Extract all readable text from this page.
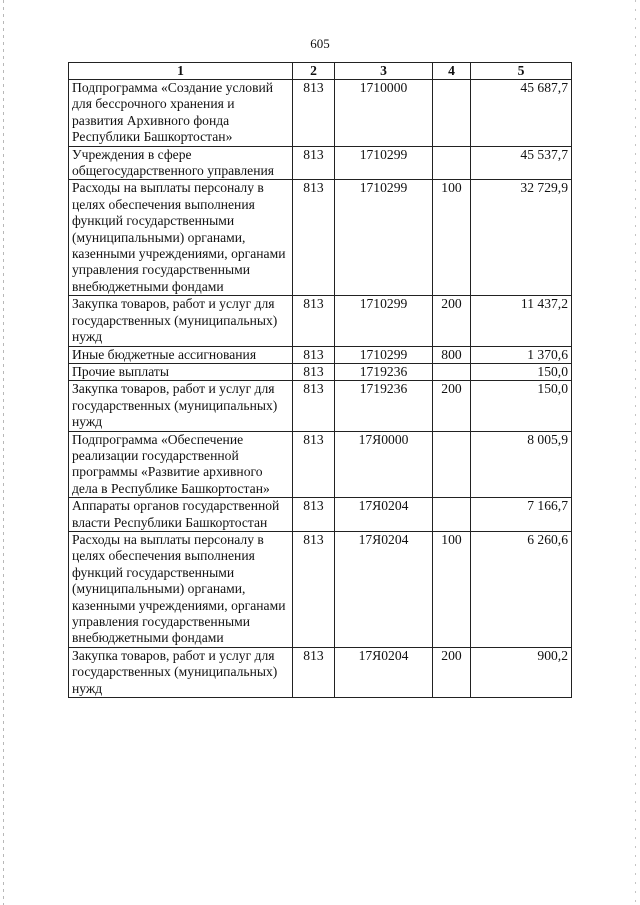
605
1	2	3	4	5
Подпрограмма «Создание условий для бессрочного хранения и развития Архивного фонда Республики Башкортостан»	813	1710000		45 687,7
Учреждения в сфере общегосударственного управления	813	1710299		45 537,7
Расходы на выплаты персоналу в целях обеспечения выполнения функций государственными (муниципальными) органами, казенными учреждениями, органами управления государственными внебюджетными фондами	813	1710299	100	32 729,9
Закупка товаров, работ и услуг для государственных (муниципальных) нужд	813	1710299	200	11 437,2
Иные бюджетные ассигнования	813	1710299	800	1 370,6
Прочие выплаты	813	1719236		150,0
Закупка товаров, работ и услуг для государственных (муниципальных) нужд	813	1719236	200	150,0
Подпрограмма «Обеспечение реализации государственной программы «Развитие архивного дела в Республике Башкортостан»	813	17Я0000		8 005,9
Аппараты органов государственной власти Республики Башкортостан	813	17Я0204		7 166,7
Расходы на выплаты персоналу в целях обеспечения выполнения функций государственными (муниципальными) органами, казенными учреждениями, органами управления государственными внебюджетными фондами	813	17Я0204	100	6 260,6
Закупка товаров, работ и услуг для государственных (муниципальных) нужд	813	17Я0204	200	900,2
